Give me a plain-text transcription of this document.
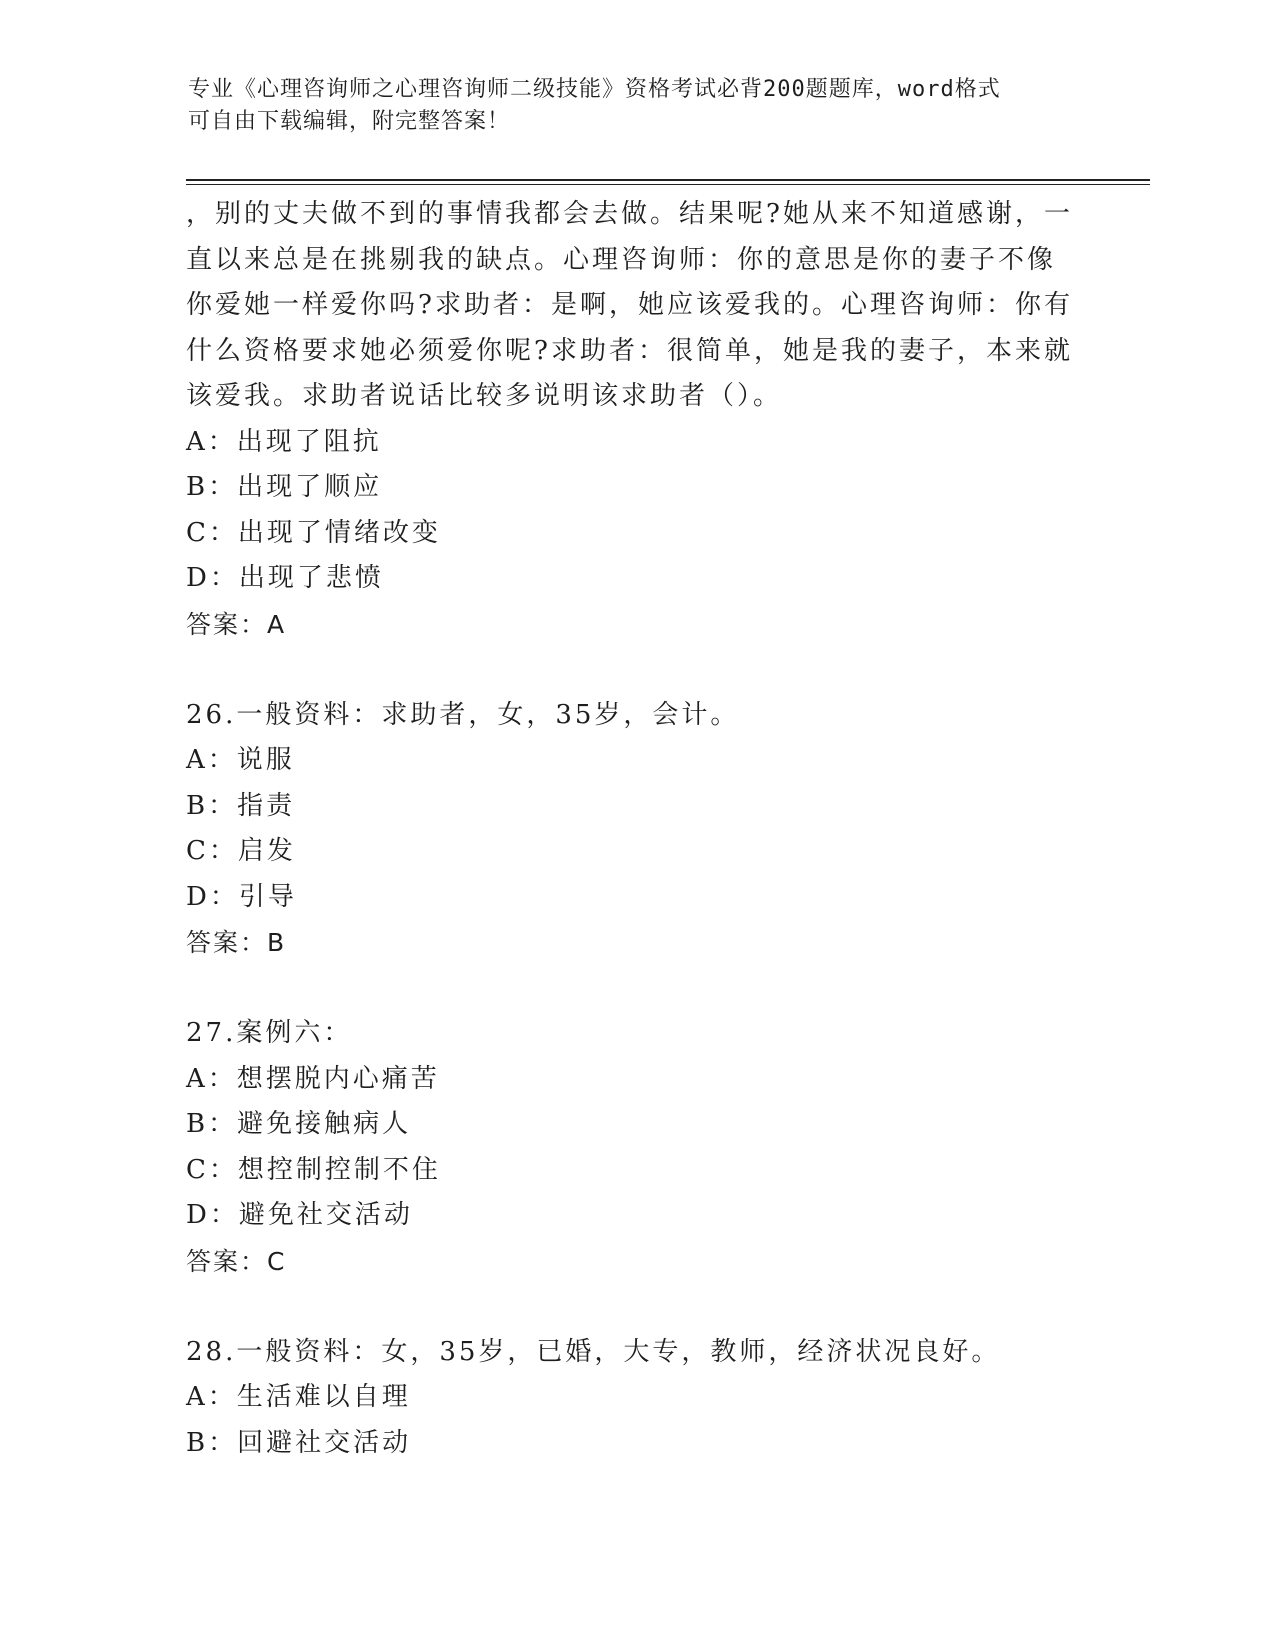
专业《心理咨询师之心理咨询师二级技能》资格考试必背200题题库，word格式
可自由下载编辑，附完整答案！
，别的丈夫做不到的事情我都会去做。结果呢?她从来不知道感谢，一
直以来总是在挑剔我的缺点。心理咨询师：你的意思是你的妻子不像
你爱她一样爱你吗?求助者：是啊，她应该爱我的。心理咨询师：你有
什么资格要求她必须爱你呢?求助者：很简单，她是我的妻子，本来就
该爱我。求助者说话比较多说明该求助者（）。
A：出现了阻抗
B：出现了顺应
C：出现了情绪改变
D：出现了悲愤
答案：A
26.一般资料：求助者，女，35岁，会计。
A：说服
B：指责
C：启发
D：引导
答案：B
27.案例六：
A：想摆脱内心痛苦
B：避免接触病人
C：想控制控制不住
D：避免社交活动
答案：C
28.一般资料：女，35岁，已婚，大专，教师，经济状况良好。
A：生活难以自理
B：回避社交活动
